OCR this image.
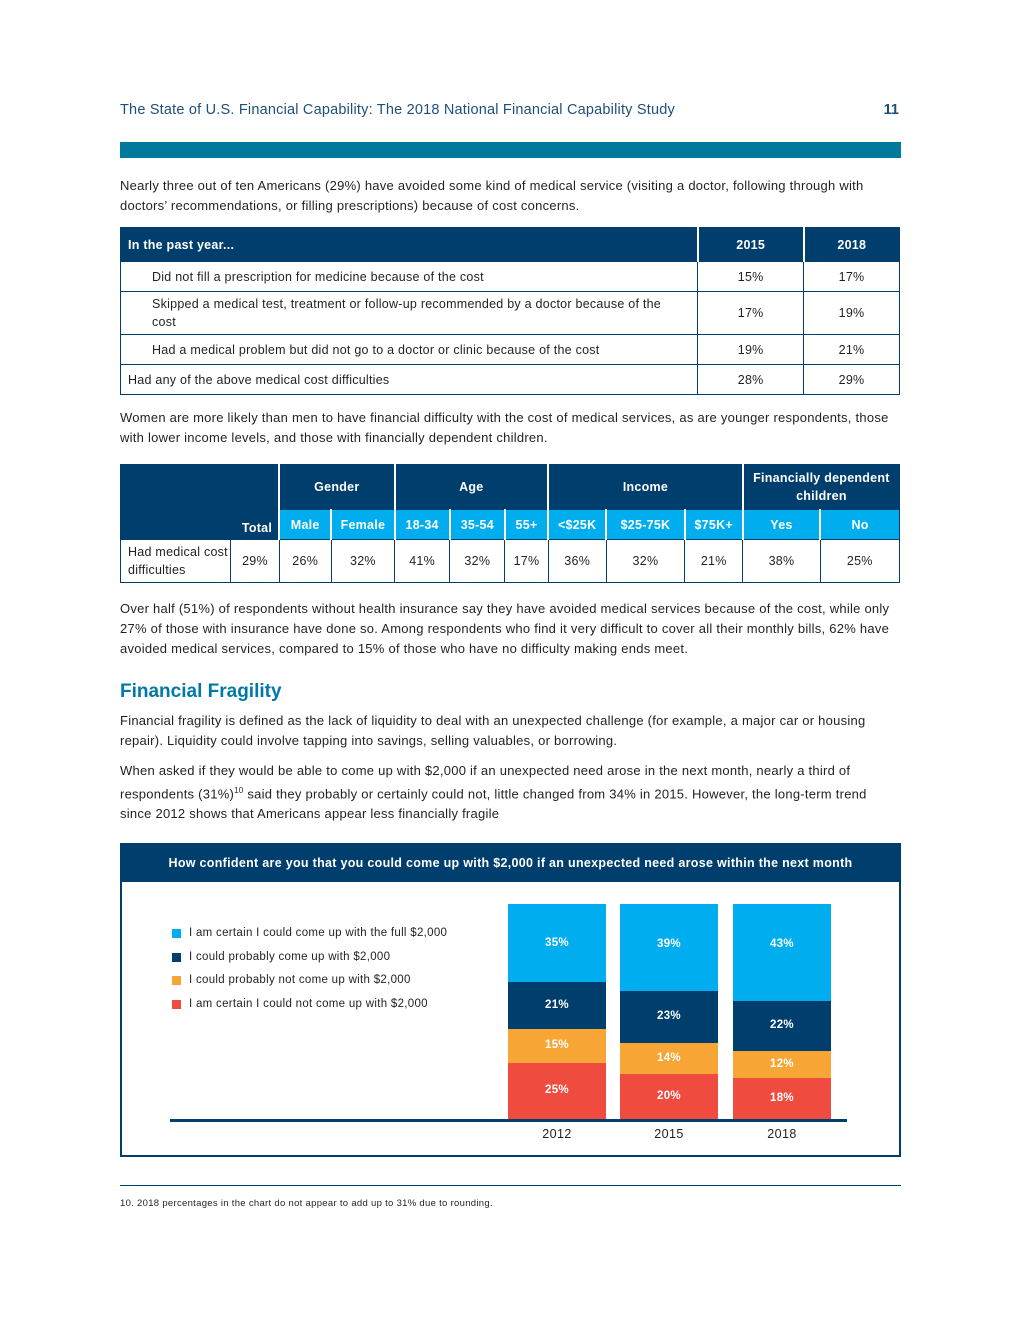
The State of U.S. Financial Capability: The 2018 National Financial Capability Study	11

Nearly three out of ten Americans (29%) have avoided some kind of medical service (visiting a doctor, following through with doctors’ recommendations, or filling prescriptions) because of cost concerns.

In the past year...	2015	2018
Did not fill a prescription for medicine because of the cost	15%	17%
Skipped a medical test, treatment or follow-up recommended by a doctor because of the cost	17%	19%
Had a medical problem but did not go to a doctor or clinic because of the cost	19%	21%
Had any of the above medical cost difficulties	28%	29%

Women are more likely than men to have financial difficulty with the cost of medical services, as are younger respondents, those with lower income levels, and those with financially dependent children.

Total		Gender		Age			Income			Financially dependent children	
		Male	Female	18-34	35-54	55+	<$25K	$25-75K	$75K+	Yes	No
Had medical cost difficulties	29%	26%	32%	41%	32%	17%	36%	32%	21%	38%	25%

Over half (51%) of respondents without health insurance say they have avoided medical services because of the cost, while only 27% of those with insurance have done so. Among respondents who find it very difficult to cover all their monthly bills, 62% have avoided medical services, compared to 15% of those who have no difficulty making ends meet.

Financial Fragility

Financial fragility is defined as the lack of liquidity to deal with an unexpected challenge (for example, a major car or housing repair). Liquidity could involve tapping into savings, selling valuables, or borrowing.

When asked if they would be able to come up with $2,000 if an unexpected need arose in the next month, nearly a third of respondents $(31\%)^{10}$ said they probably or certainly could not, little changed from 34% in 2015. However, the long-term trend since 2012 shows that Americans appear less financially fragile

How confident are you that you could come up with $2,000 if an unexpected need arose within the next month
I am certain I could come up with the full $2,000
I could probably come up with $2,000
I could probably not come up with $2,000
I am certain I could not come up with $2,000
25%
15%
21%
35%
2012
20%
14%
23%
39%
2015
18%
12%
22%
43%
2018
10. 2018 percentages in the chart do not appear to add up to 31% due to rounding.
